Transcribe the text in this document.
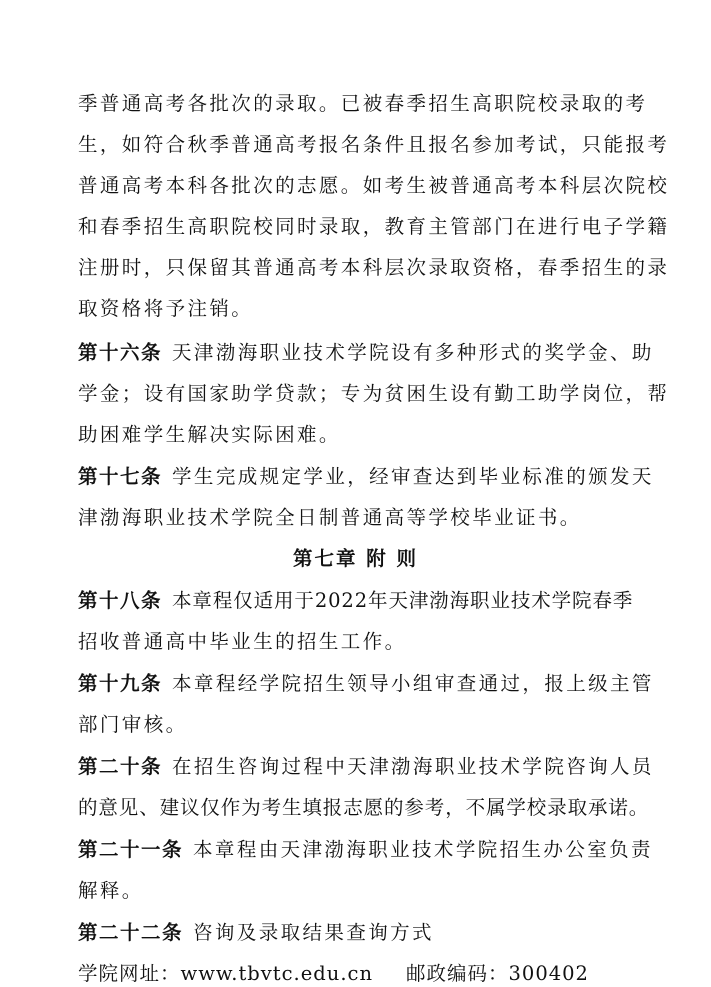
季普通高考各批次的录取。已被春季招生高职院校录取的考
生，如符合秋季普通高考报名条件且报名参加考试，只能报考
普通高考本科各批次的志愿。如考生被普通高考本科层次院校
和春季招生高职院校同时录取，教育主管部门在进行电子学籍
注册时，只保留其普通高考本科层次录取资格，春季招生的录
取资格将予注销。
第十六条 天津渤海职业技术学院设有多种形式的奖学金、助
学金；设有国家助学贷款；专为贫困生设有勤工助学岗位，帮
助困难学生解决实际困难。
第十七条 学生完成规定学业，经审查达到毕业标准的颁发天
津渤海职业技术学院全日制普通高等学校毕业证书。
第七章 附 则
第十八条 本章程仅适用于2022年天津渤海职业技术学院春季
招收普通高中毕业生的招生工作。
第十九条 本章程经学院招生领导小组审查通过，报上级主管
部门审核。
第二十条 在招生咨询过程中天津渤海职业技术学院咨询人员
的意见、建议仅作为考生填报志愿的参考，不属学校录取承诺。
第二十一条 本章程由天津渤海职业技术学院招生办公室负责
解释。
第二十二条 咨询及录取结果查询方式
学院网址：www.tbvtc.edu.cn 邮政编码：300402
